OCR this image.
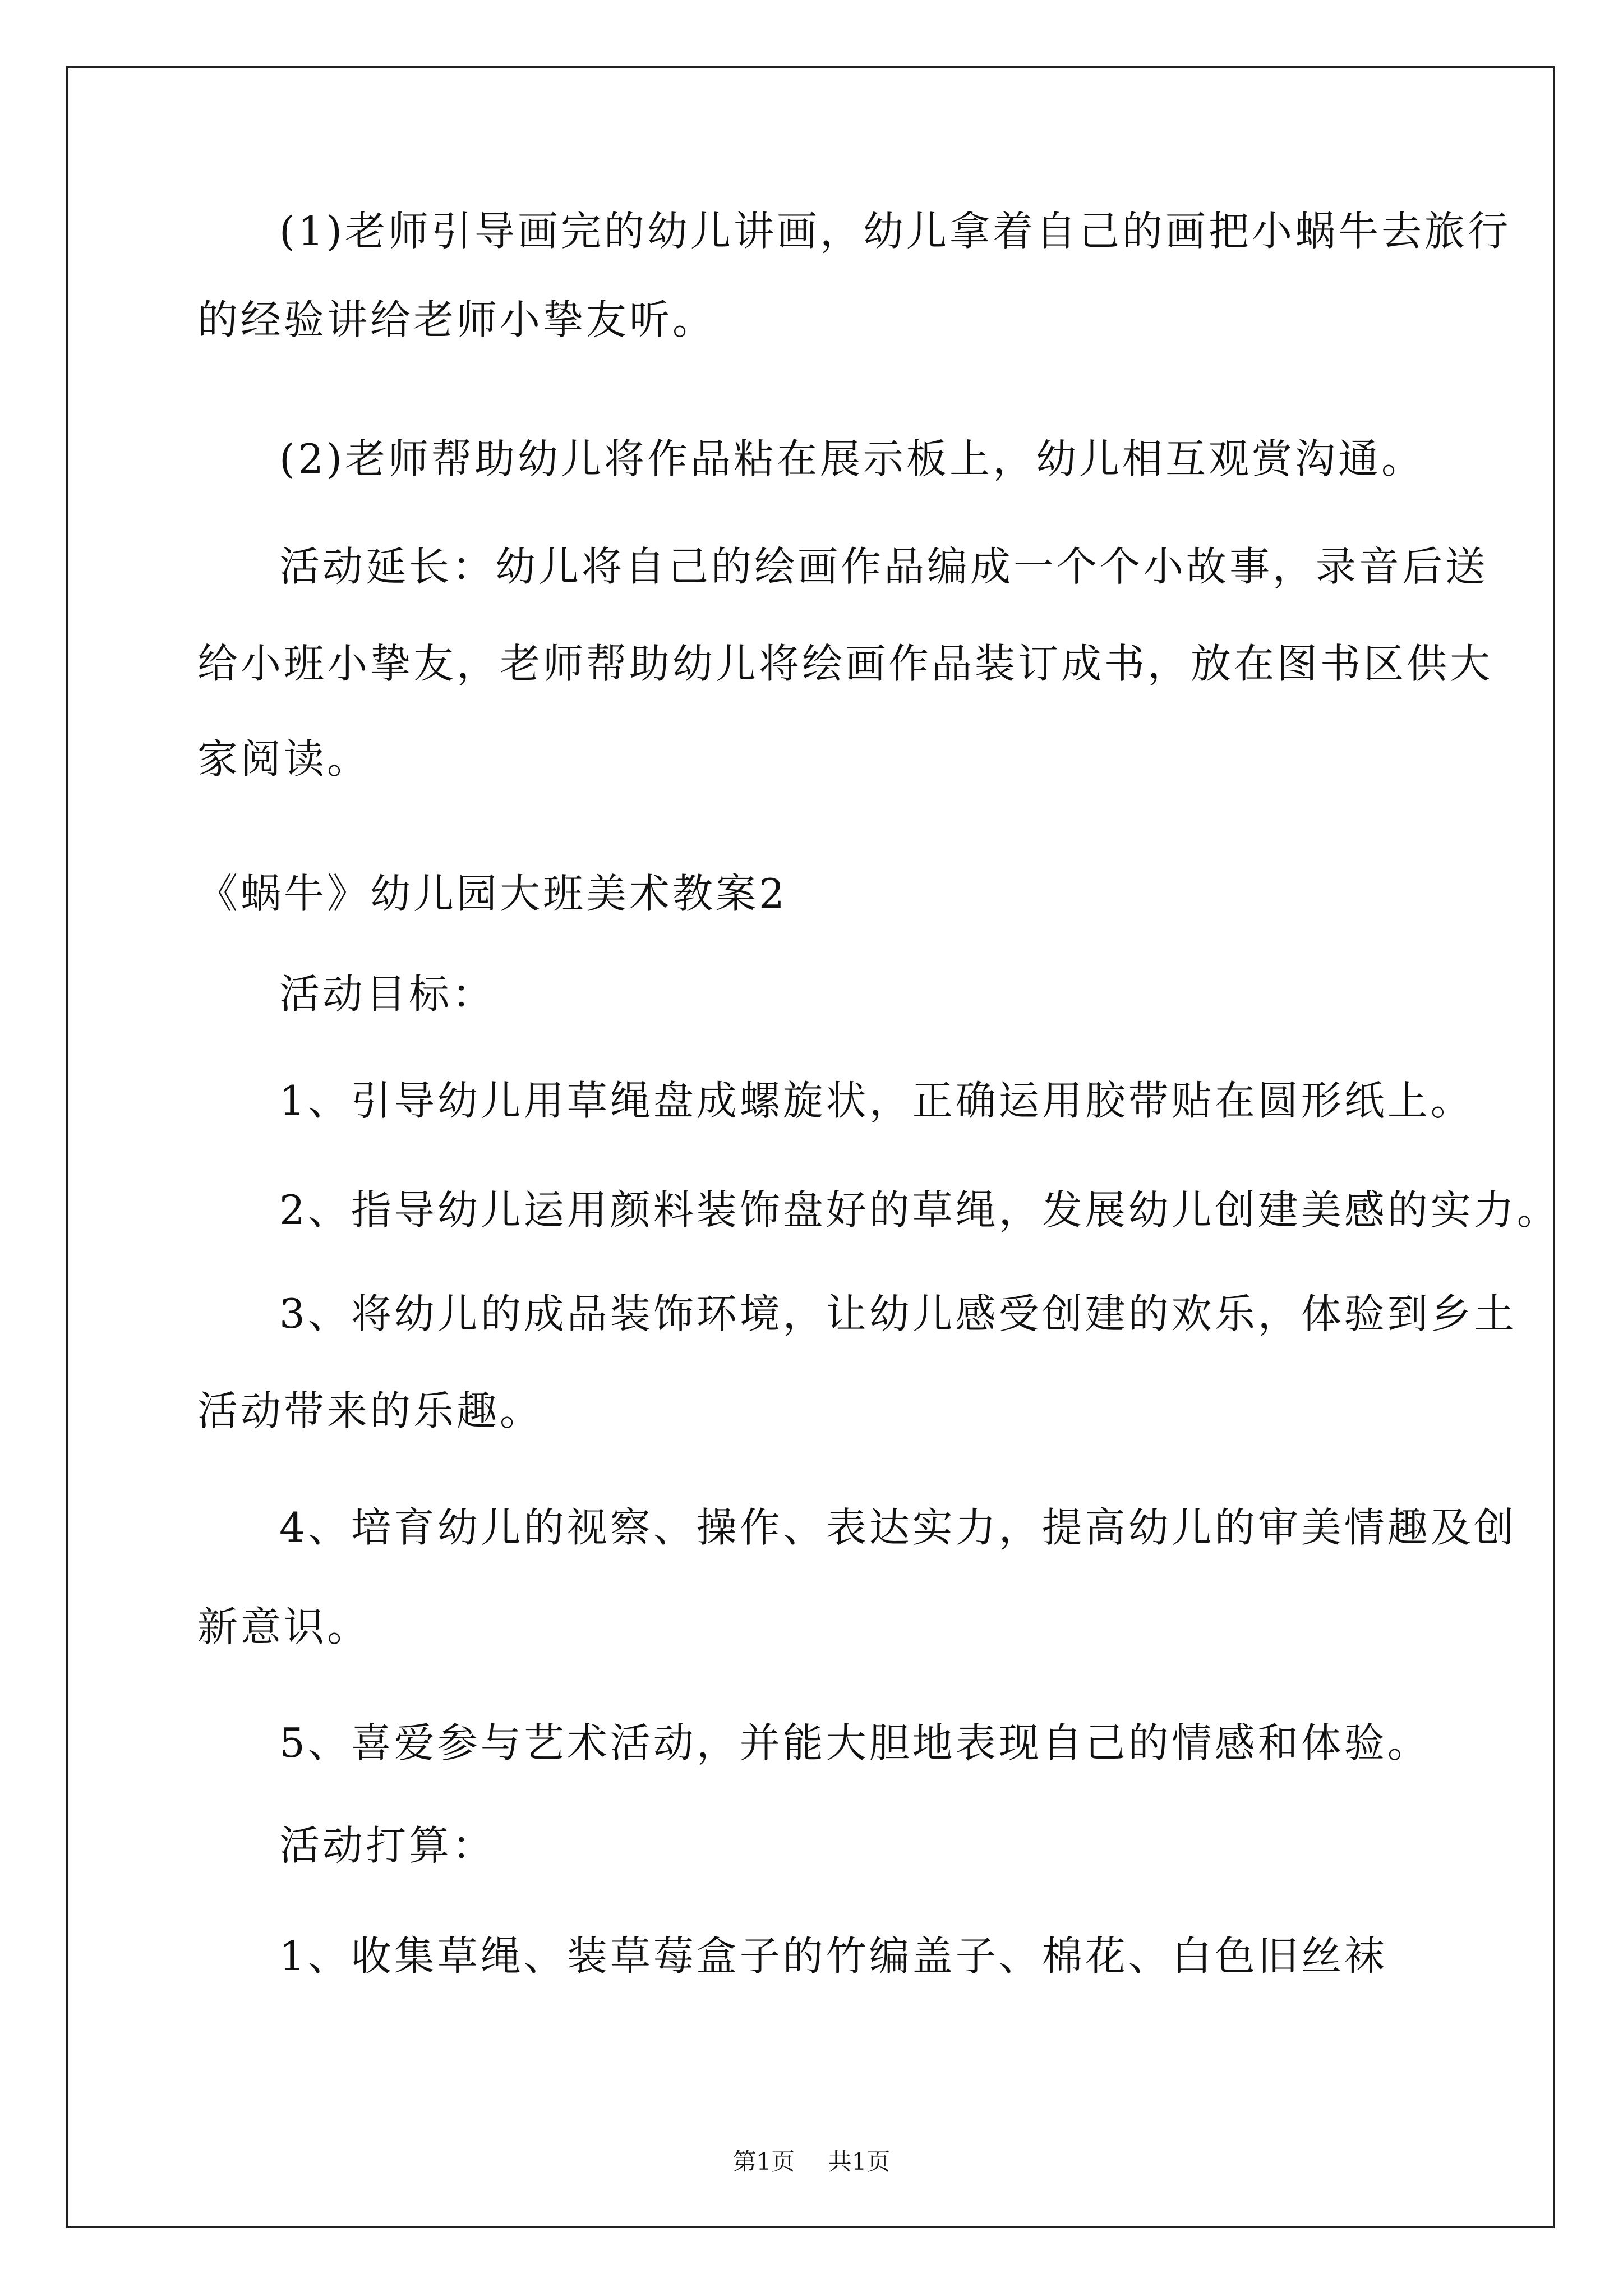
(1)老师引导画完的幼儿讲画，幼儿拿着自己的画把小蜗牛去旅行
的经验讲给老师小挚友听。
(2)老师帮助幼儿将作品粘在展示板上，幼儿相互观赏沟通。
活动延长：幼儿将自己的绘画作品编成一个个小故事，录音后送
给小班小挚友，老师帮助幼儿将绘画作品装订成书，放在图书区供大
家阅读。
《蜗牛》幼儿园大班美术教案2
活动目标：
1、引导幼儿用草绳盘成螺旋状，正确运用胶带贴在圆形纸上。
2、指导幼儿运用颜料装饰盘好的草绳，发展幼儿创建美感的实力。
3、将幼儿的成品装饰环境，让幼儿感受创建的欢乐，体验到乡土
活动带来的乐趣。
4、培育幼儿的视察、操作、表达实力，提高幼儿的审美情趣及创
新意识。
5、喜爱参与艺术活动，并能大胆地表现自己的情感和体验。
活动打算：
1、收集草绳、装草莓盒子的竹编盖子、棉花、白色旧丝袜
第1页 共1页
